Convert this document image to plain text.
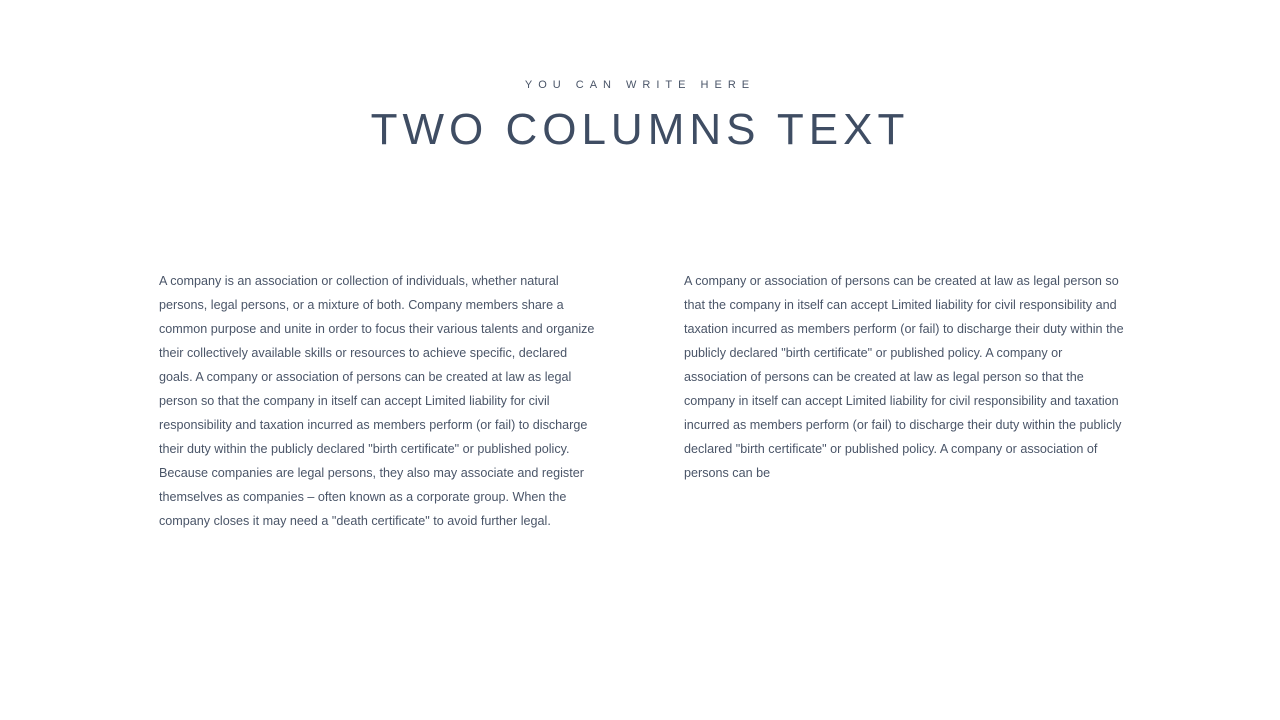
YOU CAN WRITE HERE
TWO COLUMNS TEXT
A company is an association or collection of individuals, whether natural persons, legal persons, or a mixture of both. Company members share a common purpose and unite in order to focus their various talents and organize their collectively available skills or resources to achieve specific, declared goals. A company or association of persons can be created at law as legal person so that the company in itself can accept Limited liability for civil responsibility and taxation incurred as members perform (or fail) to discharge their duty within the publicly declared "birth certificate" or published policy. Because companies are legal persons, they also may associate and register themselves as companies – often known as a corporate group. When the company closes it may need a "death certificate" to avoid further legal.
A company or association of persons can be created at law as legal person so that the company in itself can accept Limited liability for civil responsibility and taxation incurred as members perform (or fail) to discharge their duty within the publicly declared "birth certificate" or published policy. A company or association of persons can be created at law as legal person so that the company in itself can accept Limited liability for civil responsibility and taxation incurred as members perform (or fail) to discharge their duty within the publicly declared "birth certificate" or published policy. A company or association of persons can be
